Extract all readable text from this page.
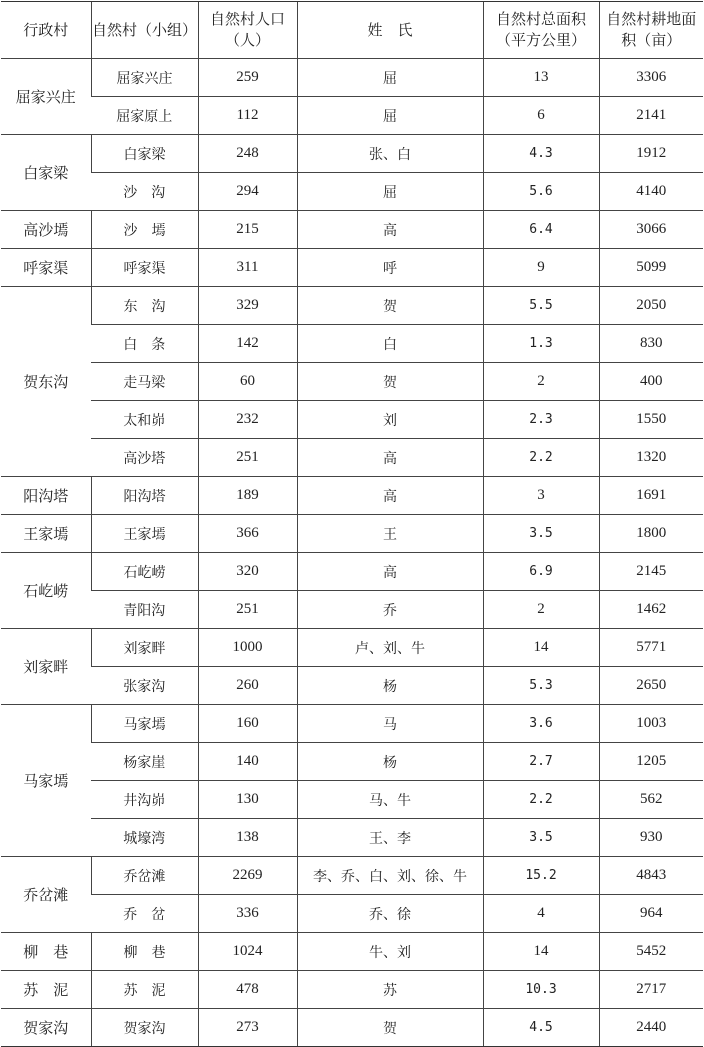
行政村	自然村（小组）	自然村人口（人）	姓　氏	自然村总面积（平方公里）	自然村耕地面积（亩）
屈家兴庄	屈家兴庄	259	屈	13	3306
	屈家原上	112	屈	6	2141
白家梁	白家梁	248	张、白	4.3	1912
	沙　沟	294	屈	5.6	4140
高沙墕	沙　墕	215	高	6.4	3066
呼家渠	呼家渠	311	呼	9	5099
贺东沟	东　沟	329	贺	5.5	2050
	白　条	142	白	1.3	830
	走马梁	60	贺	2	400
	太和峁	232	刘	2.3	1550
	高沙塔	251	高	2.2	1320
阳沟塔	阳沟塔	189	高	3	1691
王家墕	王家墕	366	王	3.5	1800
石屹崂	石屹崂	320	高	6.9	2145
	青阳沟	251	乔	2	1462
刘家畔	刘家畔	1000	卢、刘、牛	14	5771
	张家沟	260	杨	5.3	2650
马家墕	马家墕	160	马	3.6	1003
	杨家崖	140	杨	2.7	1205
	井沟峁	130	马、牛	2.2	562
	城壕湾	138	王、李	3.5	930
乔岔滩	乔岔滩	2269	李、乔、白、刘、徐、牛	15.2	4843
	乔　岔	336	乔、徐	4	964
柳　巷	柳　巷	1024	牛、刘	14	5452
苏　泥	苏　泥	478	苏	10.3	2717
贺家沟	贺家沟	273	贺	4.5	2440
